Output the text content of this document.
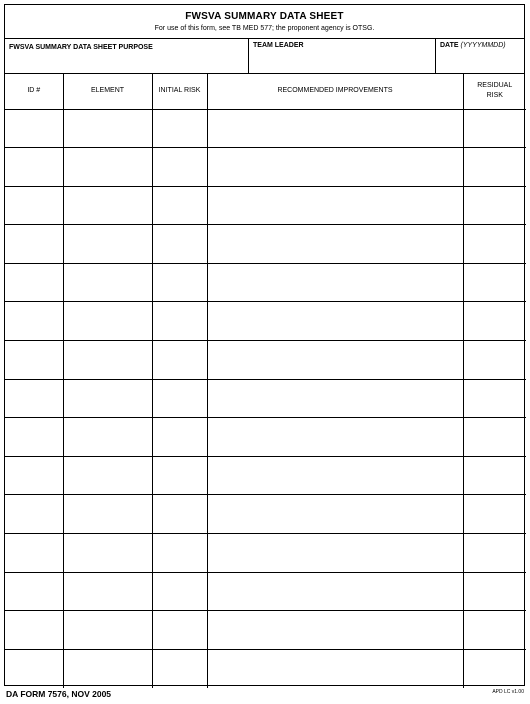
FWSVA SUMMARY DATA SHEET
For use of this form, see TB MED 577; the proponent agency is OTSG.
FWSVA SUMMARY DATA SHEET PURPOSE	TEAM LEADER	DATE (YYYYMMDD)
ID #	ELEMENT	INITIAL RISK	RECOMMENDED IMPROVEMENTS	RESIDUAL RISK

DA FORM 7576, NOV 2005	APD LC v1.00
